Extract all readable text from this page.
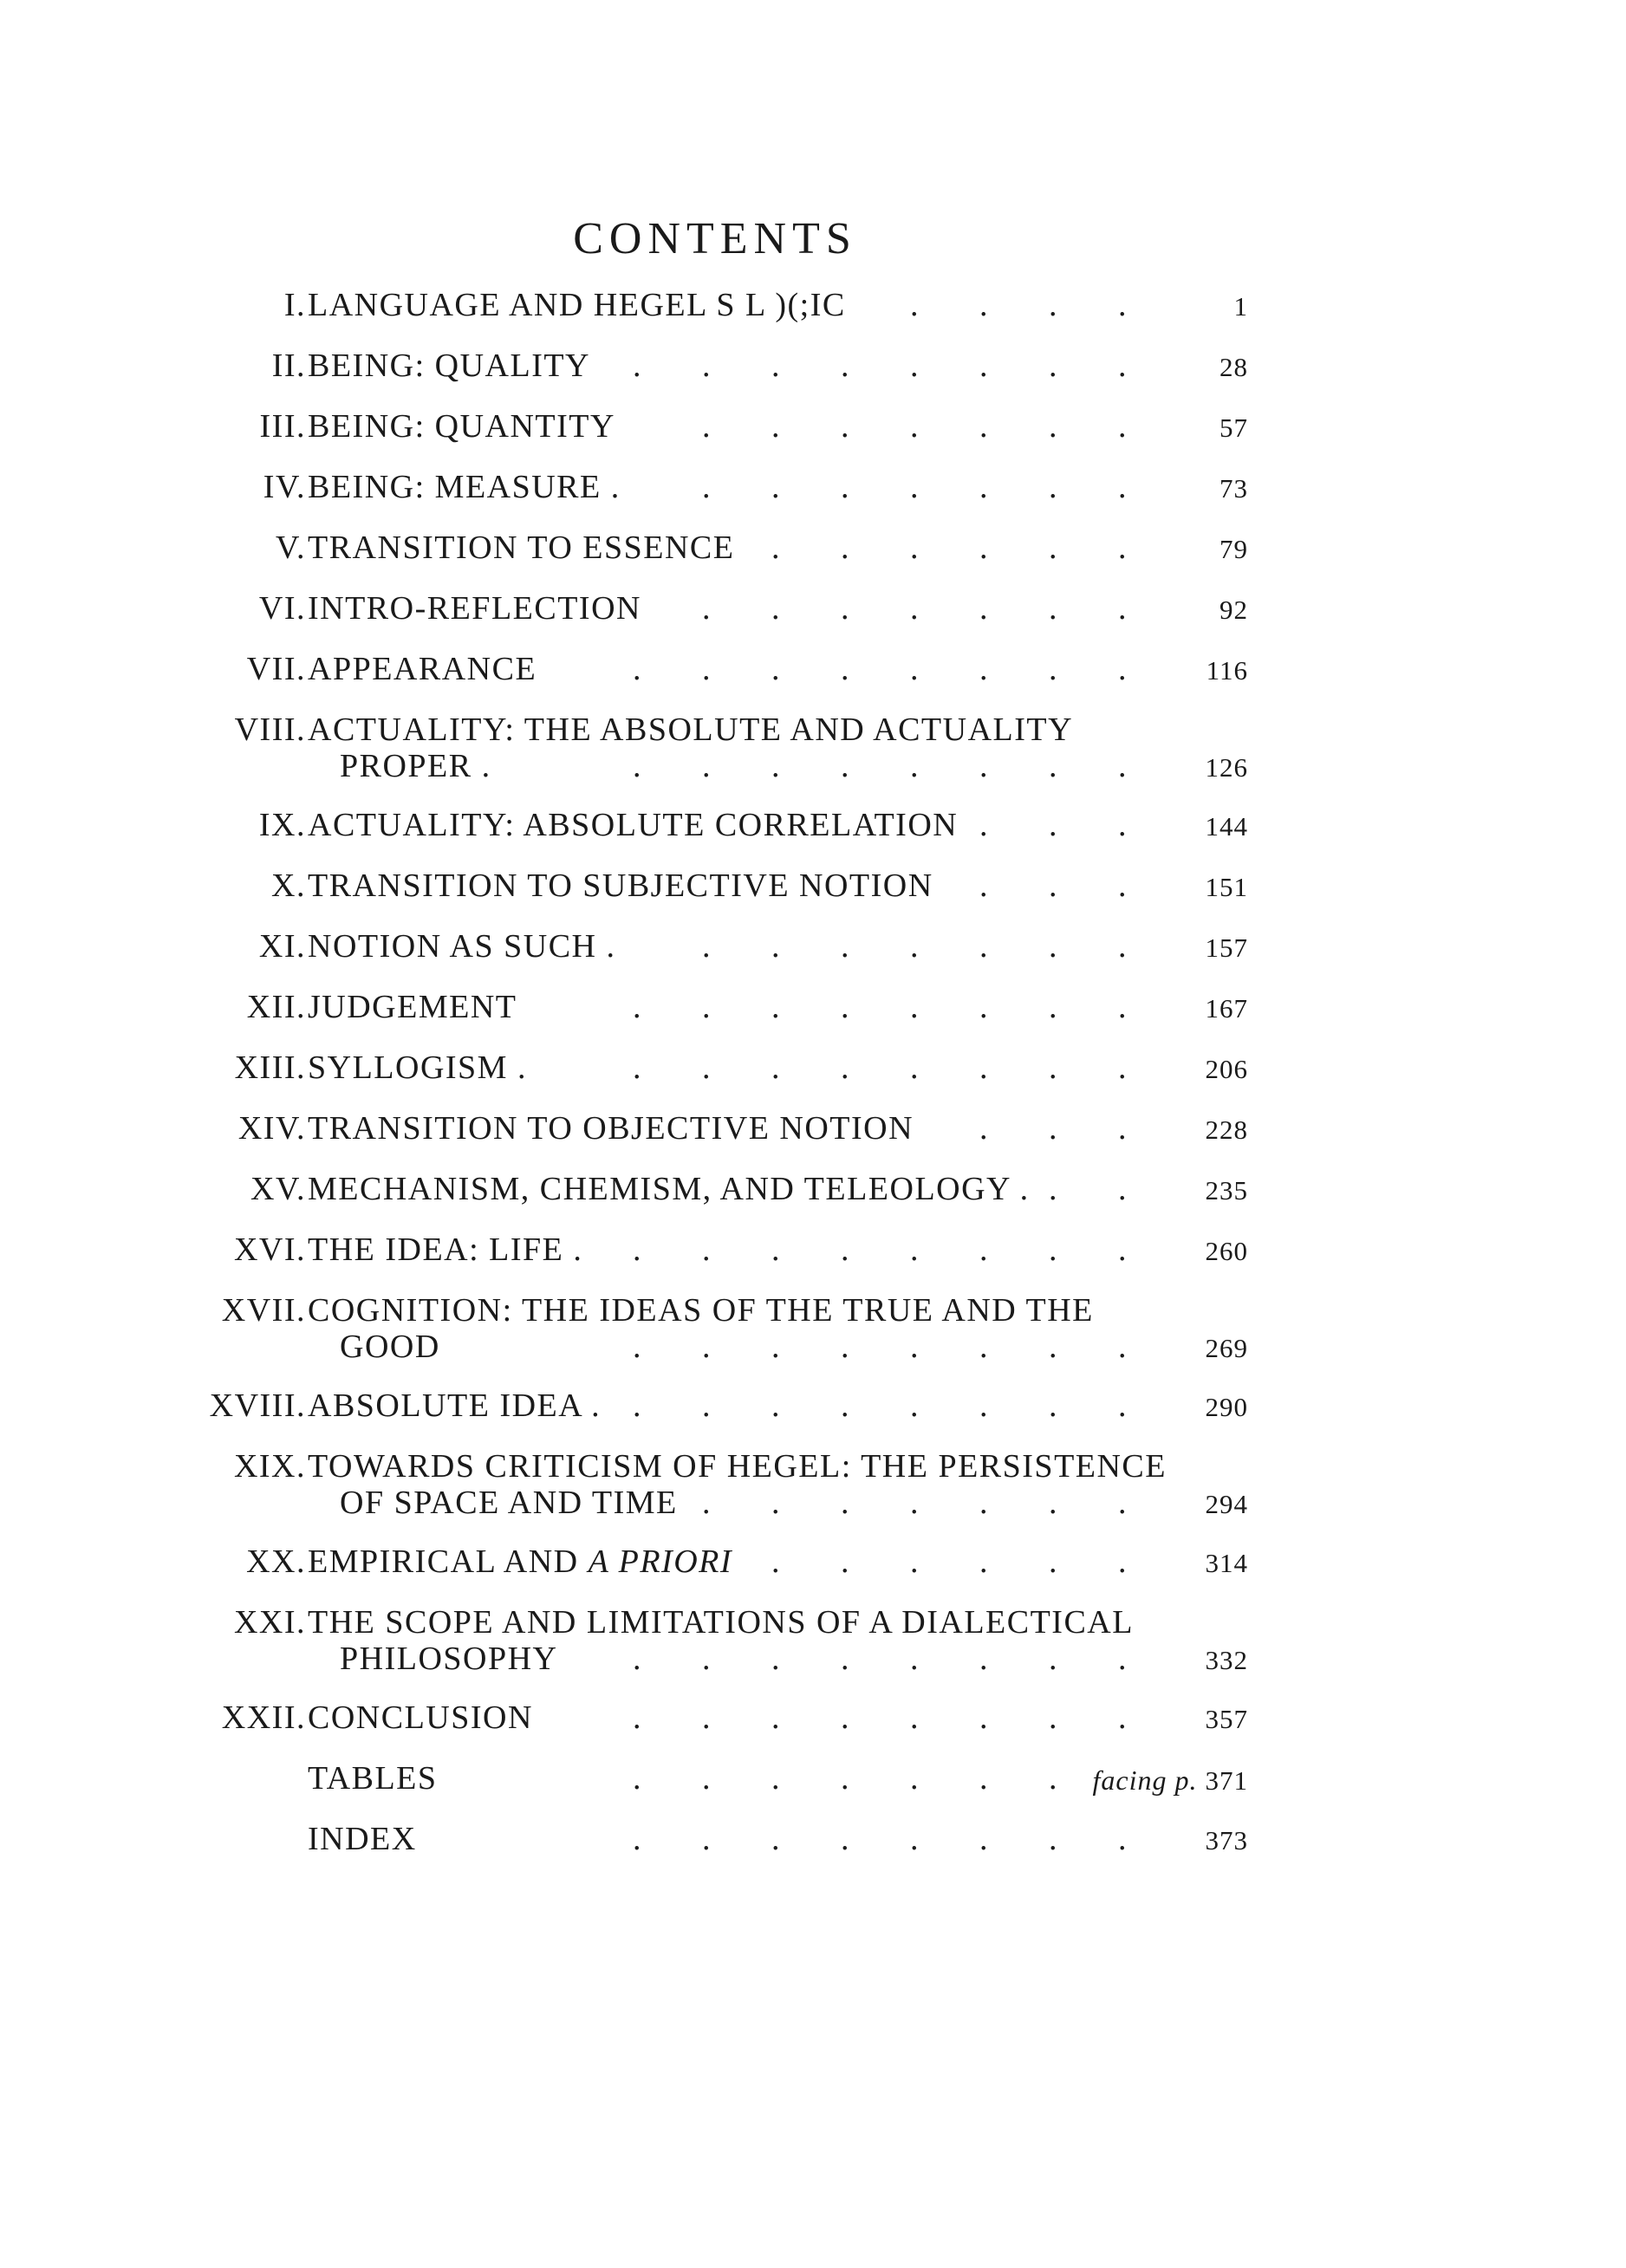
CONTENTS
I. LANGUAGE AND HEGEL S L )(;IC . . . .	1
II. BEING: QUALITY . . . . . . . .	28
III. BEING: QUANTITY	. . . . . . .	57
IV. BEING: MEASURE . . . . . . . .	73
V. TRANSITION TO ESSENCE . . . . . .	79
VI. INTRO-REFLECTION . . . . . . .	92
VII. APPEARANCE	. . . . . . . .	116
VIII. ACTUALITY: THE ABSOLUTE AND ACTUALITY
PROPER .	. . . . . . . .	126
IX. ACTUALITY: ABSOLUTE CORRELATION . . .	144
X. TRANSITION TO SUBJECTIVE NOTION . . .	151
XI. NOTION AS SUCH .	. . . . . . .	157
XII. JUDGEMENT	. . . . . . . .	167
XIII. SYLLOGISM .	. . . . . . . .	206
XIV. TRANSITION TO OBJECTIVE NOTION . . .	228
XV. MECHANISM, CHEMISM, AND TELEOLOGY . . .	235
XVI. THE IDEA: LIFE . . . . . . . . .	260
XVII. COGNITION: THE IDEAS OF THE TRUE AND THE
GOOD	. . . . . . . .	269
XVIII. ABSOLUTE IDEA . . . . . . . . .	290
XIX. TOWARDS CRITICISM OF HEGEL: THE PERSISTENCE
OF SPACE AND TIME . . . . . . .	294
XX. EMPIRICAL AND A PRIORI . . . . . .	314
XXI. THE SCOPE AND LIMITATIONS OF A DIALECTICAL
PHILOSOPHY . . . . . . . .	332
XXII. CONCLUSION	. . . . . . . .	357
TABLES	. . . . . . . facing p. 371
INDEX	. . . . . . . .	373
